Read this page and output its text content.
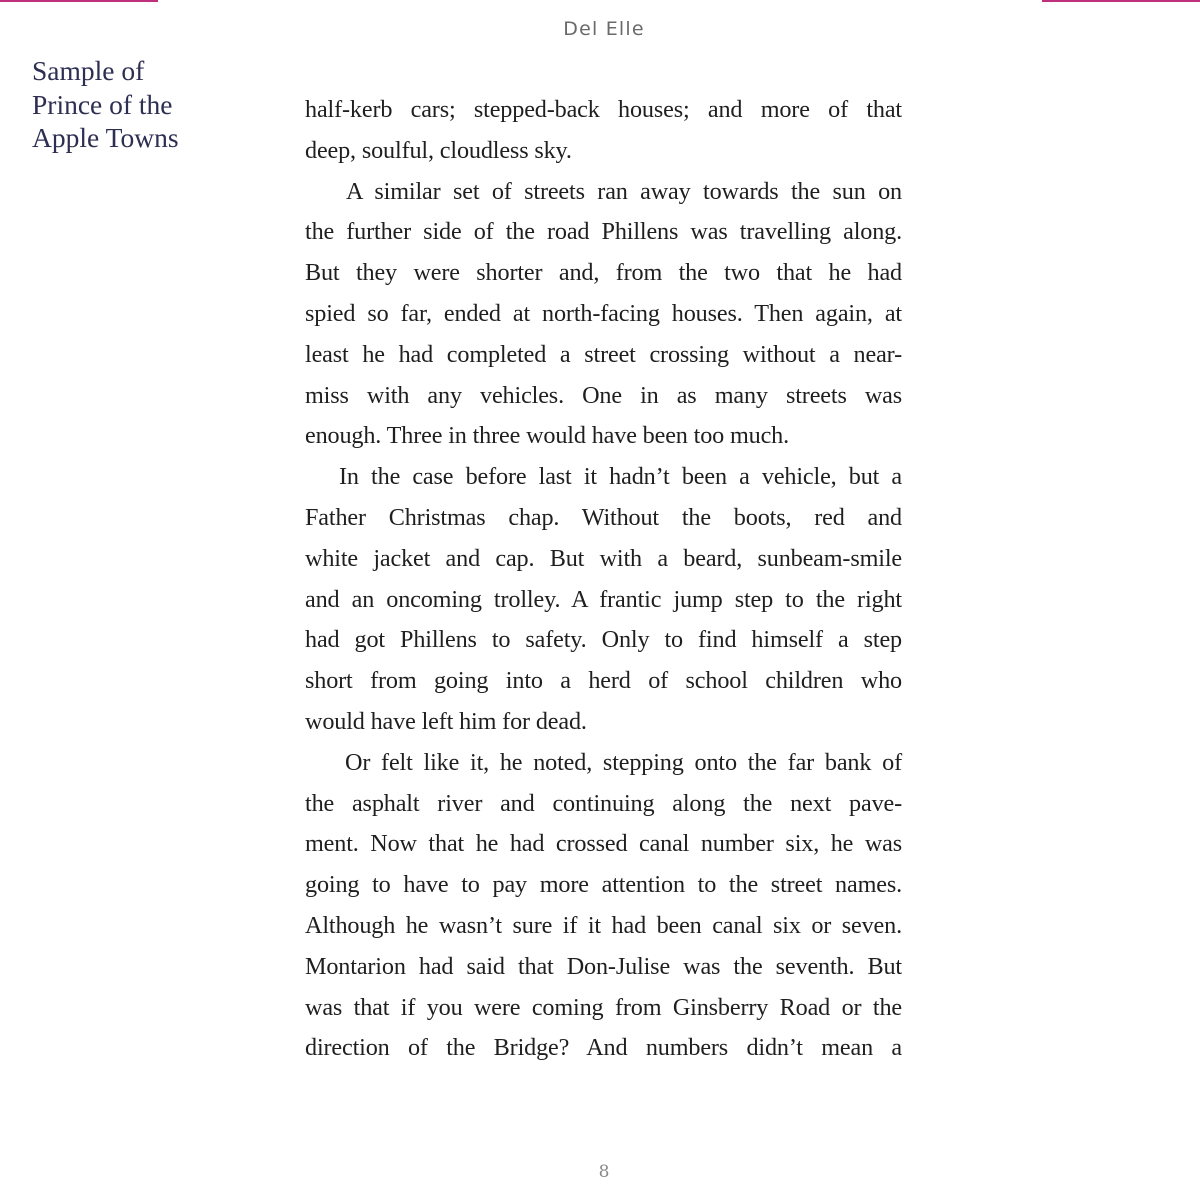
Del Elle
Sample of
Prince of the
Apple Towns
half-kerb cars; stepped-back houses; and more of that
deep, soulful, cloudless sky.
A similar set of streets ran away towards the sun on
the further side of the road Phillens was travelling along.
But they were shorter and, from the two that he had
spied so far, ended at north-facing houses. Then again, at
least he had completed a street crossing without a near-
miss with any vehicles. One in as many streets was
enough. Three in three would have been too much.
In the case before last it hadn’t been a vehicle, but a
Father Christmas chap. Without the boots, red and
white jacket and cap. But with a beard, sunbeam-smile
and an oncoming trolley. A frantic jump step to the right
had got Phillens to safety. Only to find himself a step
short from going into a herd of school children who
would have left him for dead.
Or felt like it, he noted, stepping onto the far bank of
the asphalt river and continuing along the next pave-
ment. Now that he had crossed canal number six, he was
going to have to pay more attention to the street names.
Although he wasn’t sure if it had been canal six or seven.
Montarion had said that Don-Julise was the seventh. But
was that if you were coming from Ginsberry Road or the
direction of the Bridge? And numbers didn’t mean a
8
